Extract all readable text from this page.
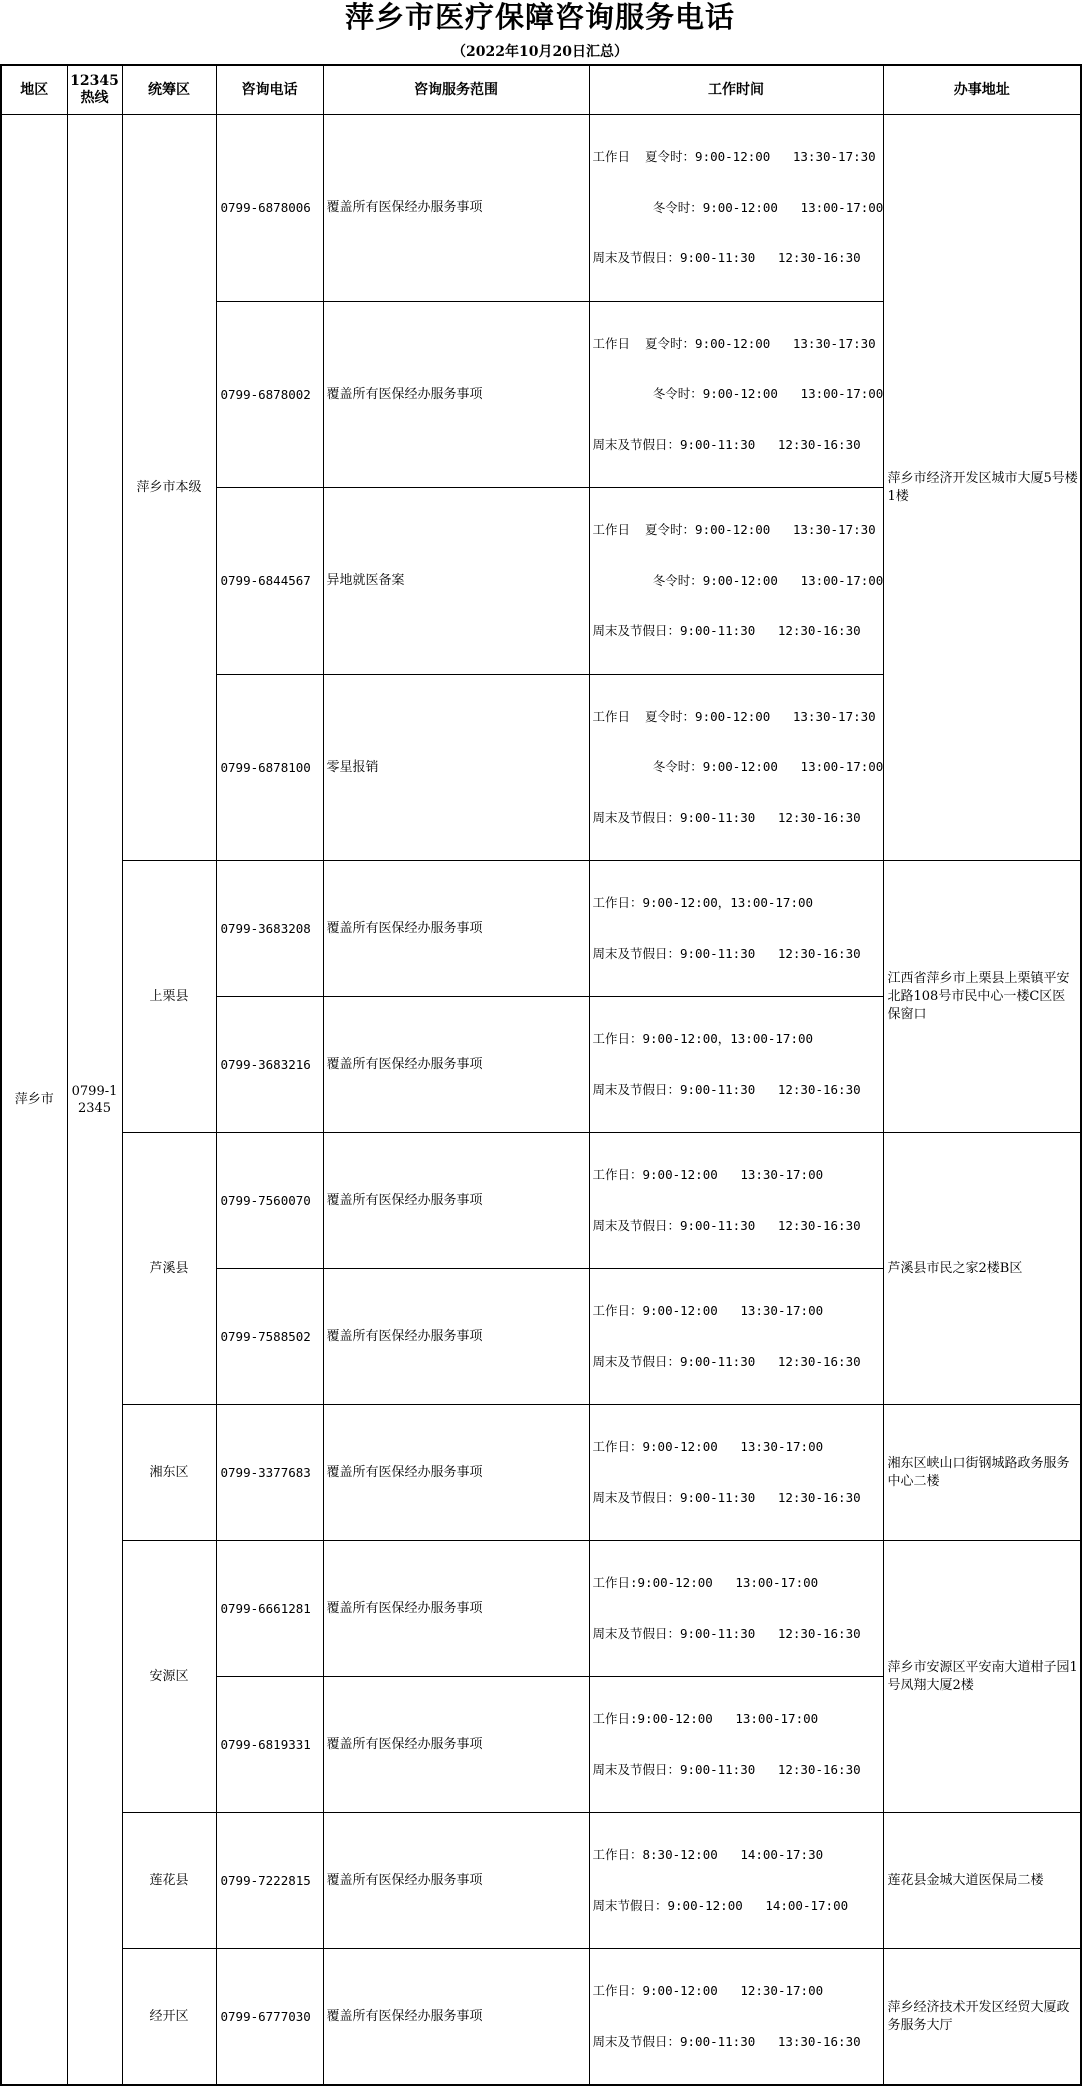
萍乡市医疗保障咨询服务电话
（2022年10月20日汇总）
地区	12345热线	统筹区	咨询电话	咨询服务范围	工作时间	办事地址
萍乡市	0799-12345	萍乡市本级	0799-6878006	覆盖所有医保经办服务事项	工作日  夏令时：9:00-12:00   13:30-17:30

冬令时：9:00-12:00   13:00-17:00

周末及节假日：9:00-11:30   12:30-16:30	萍乡市经济开发区城市大厦5号楼1楼
			0799-6878002	覆盖所有医保经办服务事项	工作日  夏令时：9:00-12:00   13:30-17:30

冬令时：9:00-12:00   13:00-17:00

周末及节假日：9:00-11:30   12:30-16:30	

			0799-6844567	异地就医备案	工作日  夏令时：9:00-12:00   13:30-17:30

冬令时：9:00-12:00   13:00-17:00

周末及节假日：9:00-11:30   12:30-16:30	

			0799-6878100	零星报销	工作日  夏令时：9:00-12:00   13:30-17:30

冬令时：9:00-12:00   13:00-17:00

周末及节假日：9:00-11:30   12:30-16:30	

		上栗县	0799-3683208	覆盖所有医保经办服务事项	工作日：9:00-12:00，13:00-17:00

周末及节假日：9:00-11:30   12:30-16:30	江西省萍乡市上栗县上栗镇平安北路108号市民中心一楼C区医保窗口
			0799-3683216	覆盖所有医保经办服务事项	工作日：9:00-12:00，13:00-17:00

周末及节假日：9:00-11:30   12:30-16:30	

		芦溪县	0799-7560070	覆盖所有医保经办服务事项	工作日：9:00-12:00   13:30-17:00

周末及节假日：9:00-11:30   12:30-16:30	芦溪县市民之家2楼B区
			0799-7588502	覆盖所有医保经办服务事项	工作日：9:00-12:00   13:30-17:00

周末及节假日：9:00-11:30   12:30-16:30	

		湘东区	0799-3377683	覆盖所有医保经办服务事项	工作日：9:00-12:00   13:30-17:00

周末及节假日：9:00-11:30   12:30-16:30	湘东区峡山口街钢城路政务服务中心二楼
		安源区	0799-6661281	覆盖所有医保经办服务事项	工作日:9:00-12:00   13:00-17:00

周末及节假日：9:00-11:30   12:30-16:30	萍乡市安源区平安南大道柑子园1号凤翔大厦2楼
			0799-6819331	覆盖所有医保经办服务事项	工作日:9:00-12:00   13:00-17:00

周末及节假日：9:00-11:30   12:30-16:30	

		莲花县	0799-7222815	覆盖所有医保经办服务事项	工作日：8:30-12:00   14:00-17:30

周末节假日：9:00-12:00   14:00-17:00	莲花县金城大道医保局二楼
		经开区	0799-6777030	覆盖所有医保经办服务事项	工作日：9:00-12:00   12:30-17:00

周末及节假日：9:00-11:30   13:30-16:30	萍乡经济技术开发区经贸大厦政务服务大厅
